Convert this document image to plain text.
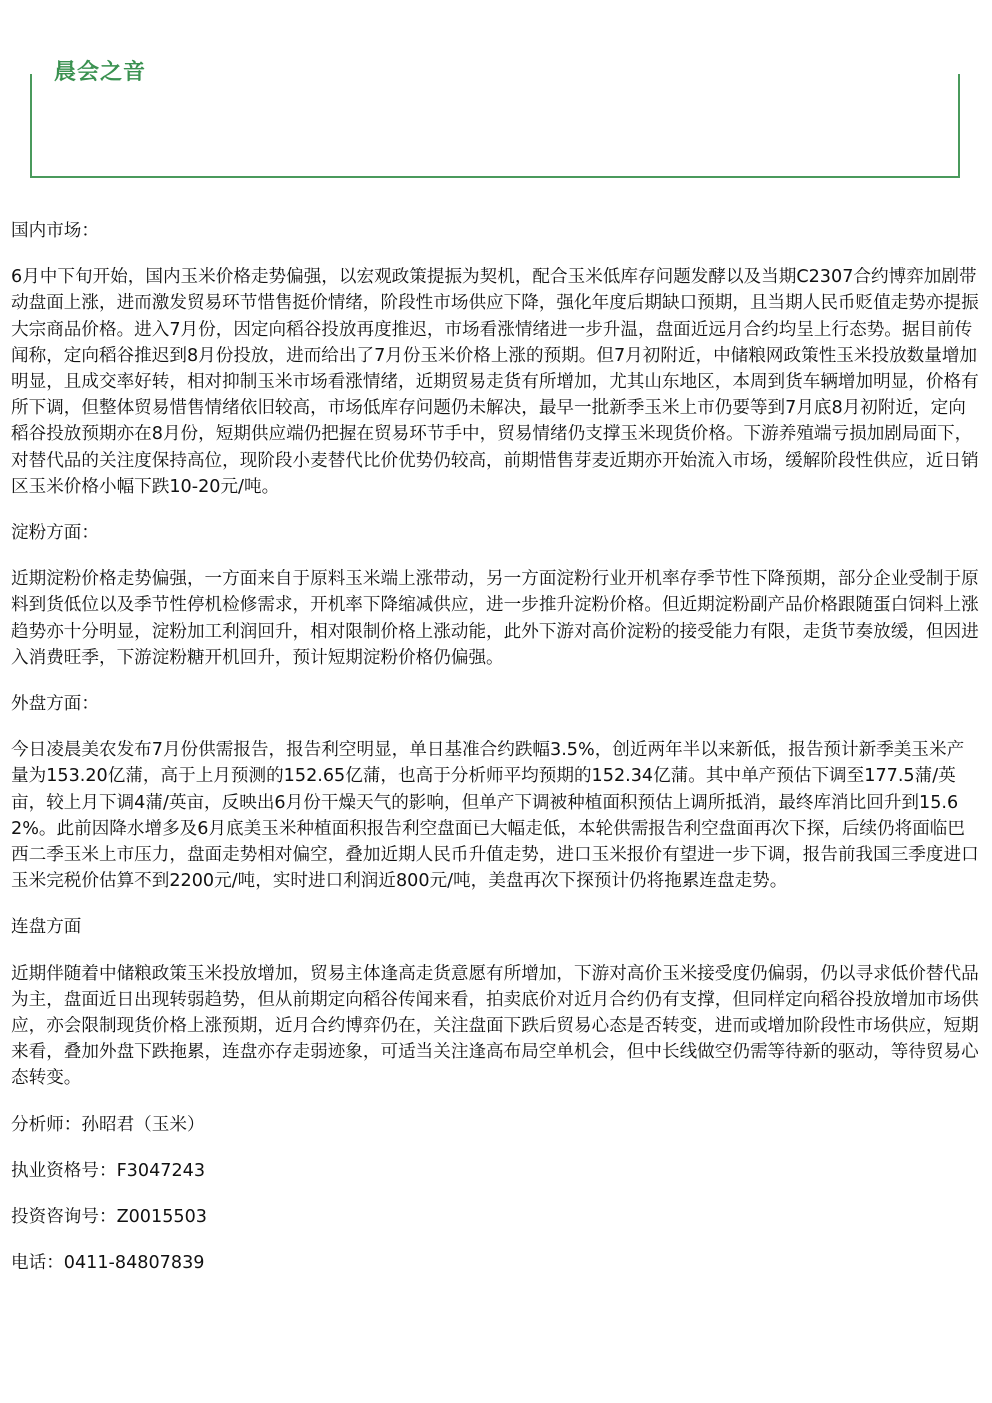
晨会之音

国内市场：

6月中下旬开始，国内玉米价格走势偏强，以宏观政策提振为契机，配合玉米低库存问题发酵以及当期C2307合约博弈加剧带动盘面上涨，进而激发贸易环节惜售挺价情绪，阶段性市场供应下降，强化年度后期缺口预期，且当期人民币贬值走势亦提振大宗商品价格。进入7月份，因定向稻谷投放再度推迟，市场看涨情绪进一步升温，盘面近远月合约均呈上行态势。据目前传闻称，定向稻谷推迟到8月份投放，进而给出了7月份玉米价格上涨的预期。但7月初附近，中储粮网政策性玉米投放数量增加明显，且成交率好转，相对抑制玉米市场看涨情绪，近期贸易走货有所增加，尤其山东地区，本周到货车辆增加明显，价格有所下调，但整体贸易惜售情绪依旧较高，市场低库存问题仍未解决，最早一批新季玉米上市仍要等到7月底8月初附近，定向稻谷投放预期亦在8月份，短期供应端仍把握在贸易环节手中，贸易情绪仍支撑玉米现货价格。下游养殖端亏损加剧局面下，对替代品的关注度保持高位，现阶段小麦替代比价优势仍较高，前期惜售芽麦近期亦开始流入市场，缓解阶段性供应，近日销区玉米价格小幅下跌10-20元/吨。

淀粉方面：

近期淀粉价格走势偏强，一方面来自于原料玉米端上涨带动，另一方面淀粉行业开机率存季节性下降预期，部分企业受制于原料到货低位以及季节性停机检修需求，开机率下降缩减供应，进一步推升淀粉价格。但近期淀粉副产品价格跟随蛋白饲料上涨趋势亦十分明显，淀粉加工利润回升，相对限制价格上涨动能，此外下游对高价淀粉的接受能力有限，走货节奏放缓，但因进入消费旺季，下游淀粉糖开机回升，预计短期淀粉价格仍偏强。

外盘方面：

今日凌晨美农发布7月份供需报告，报告利空明显，单日基准合约跌幅3.5%，创近两年半以来新低，报告预计新季美玉米产量为153.20亿蒲，高于上月预测的152.65亿蒲，也高于分析师平均预期的152.34亿蒲。其中单产预估下调至177.5蒲/英亩，较上月下调4蒲/英亩，反映出6月份干燥天气的影响，但单产下调被种植面积预估上调所抵消，最终库消比回升到15.62%。此前因降水增多及6月底美玉米种植面积报告利空盘面已大幅走低，本轮供需报告利空盘面再次下探，后续仍将面临巴西二季玉米上市压力，盘面走势相对偏空，叠加近期人民币升值走势，进口玉米报价有望进一步下调，报告前我国三季度进口玉米完税价估算不到2200元/吨，实时进口利润近800元/吨，美盘再次下探预计仍将拖累连盘走势。

连盘方面

近期伴随着中储粮政策玉米投放增加，贸易主体逢高走货意愿有所增加，下游对高价玉米接受度仍偏弱，仍以寻求低价替代品为主，盘面近日出现转弱趋势，但从前期定向稻谷传闻来看，拍卖底价对近月合约仍有支撑，但同样定向稻谷投放增加市场供应，亦会限制现货价格上涨预期，近月合约博弈仍在，关注盘面下跌后贸易心态是否转变，进而或增加阶段性市场供应，短期来看，叠加外盘下跌拖累，连盘亦存走弱迹象，可适当关注逢高布局空单机会，但中长线做空仍需等待新的驱动，等待贸易心态转变。

分析师：孙昭君（玉米）

执业资格号：F3047243

投资咨询号：Z0015503

电话：0411-84807839
